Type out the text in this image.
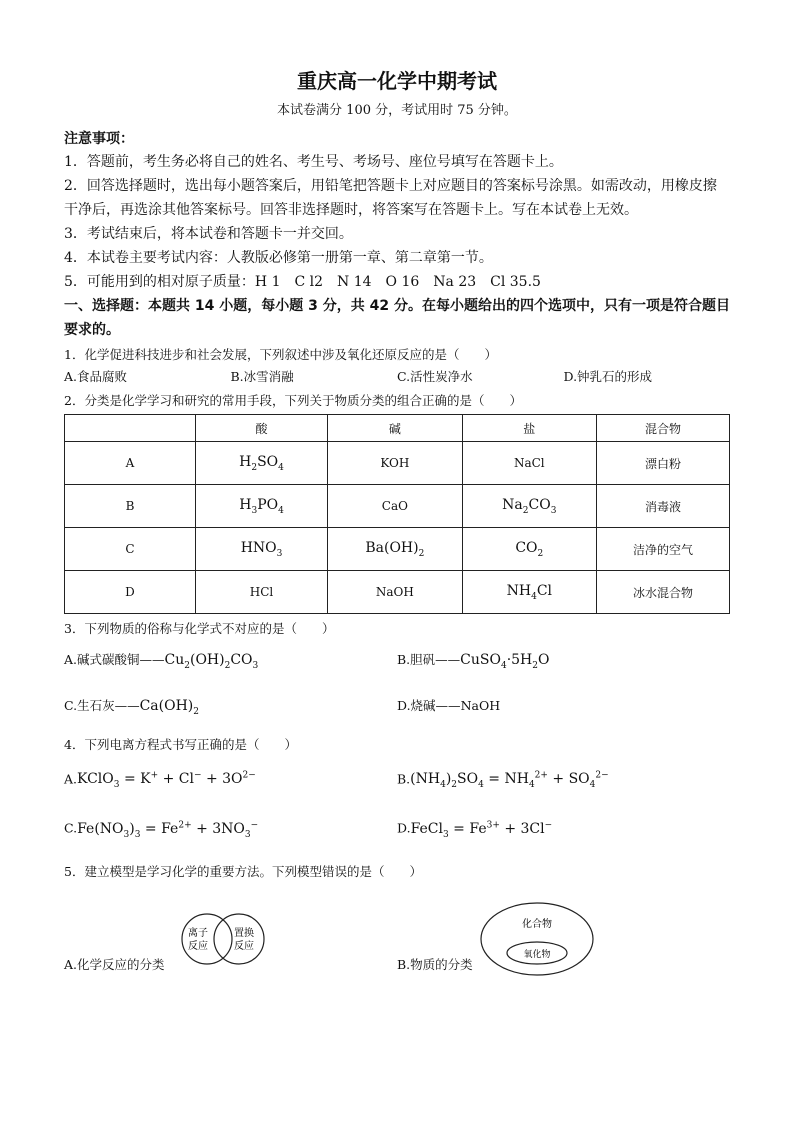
重庆高一化学中期考试
本试卷满分 100 分，考试用时 75 分钟。
注意事项：
1．答题前，考生务必将自己的姓名、考生号、考场号、座位号填写在答题卡上。
2．回答选择题时，选出每小题答案后，用铅笔把答题卡上对应题目的答案标号涂黑。如需改动，用橡皮擦干净后，再选涂其他答案标号。回答非选择题时，将答案写在答题卡上。写在本试卷上无效。
3．考试结束后，将本试卷和答题卡一并交回。
4．本试卷主要考试内容：人教版必修第一册第一章、第二章第一节。
5．可能用到的相对原子质量：H 1　C l2　N 14　O 16　Na 23　Cl 35.5
一、选择题：本题共 14 小题，每小题 3 分，共 42 分。在每小题给出的四个选项中，只有一项是符合题目要求的。
1．化学促进科技进步和社会发展，下列叙述中涉及氧化还原反应的是（　　）
A.食品腐败	B.冰雪消融	C.活性炭净水	D.钟乳石的形成
2．分类是化学学习和研究的常用手段，下列关于物质分类的组合正确的是（　　）
	酸	碱	盐	混合物
A	$H_2SO_4$	KOH	NaCl	漂白粉
B	$H_3PO_4$	CaO	$Na_2CO_3$	消毒液
C	$HNO_3$	$Ba(OH)_2$	$CO_2$	洁净的空气
D	HCl	NaOH	$NH_4Cl$	冰水混合物
3．下列物质的俗称与化学式不对应的是（　　）
A.碱式碳酸铜$——Cu_2(OH)_2CO_3$	B.胆矾$——CuSO_4\cdot 5H_2O$
C.生石灰$——Ca(OH)_2$	D.烧碱——NaOH
4．下列电离方程式书写正确的是（　　）
A.KClO$_3$ = $K^+ + Cl^- + 3O^{2-}$	$B.(NH_4)_2SO_4 = NH_4^{2+} + SO_4^{2-}$
$C.Fe(NO_3)_3 = Fe^{2+} + 3NO_3^-$	D.FeCl$_3$ = $Fe^{3+} + 3Cl^-$
5．建立模型是学习化学的重要方法。下列模型错误的是（　　）
A.化学反应的分类
离子
反应
置换
反应
B.物质的分类
化合物
氧化物
